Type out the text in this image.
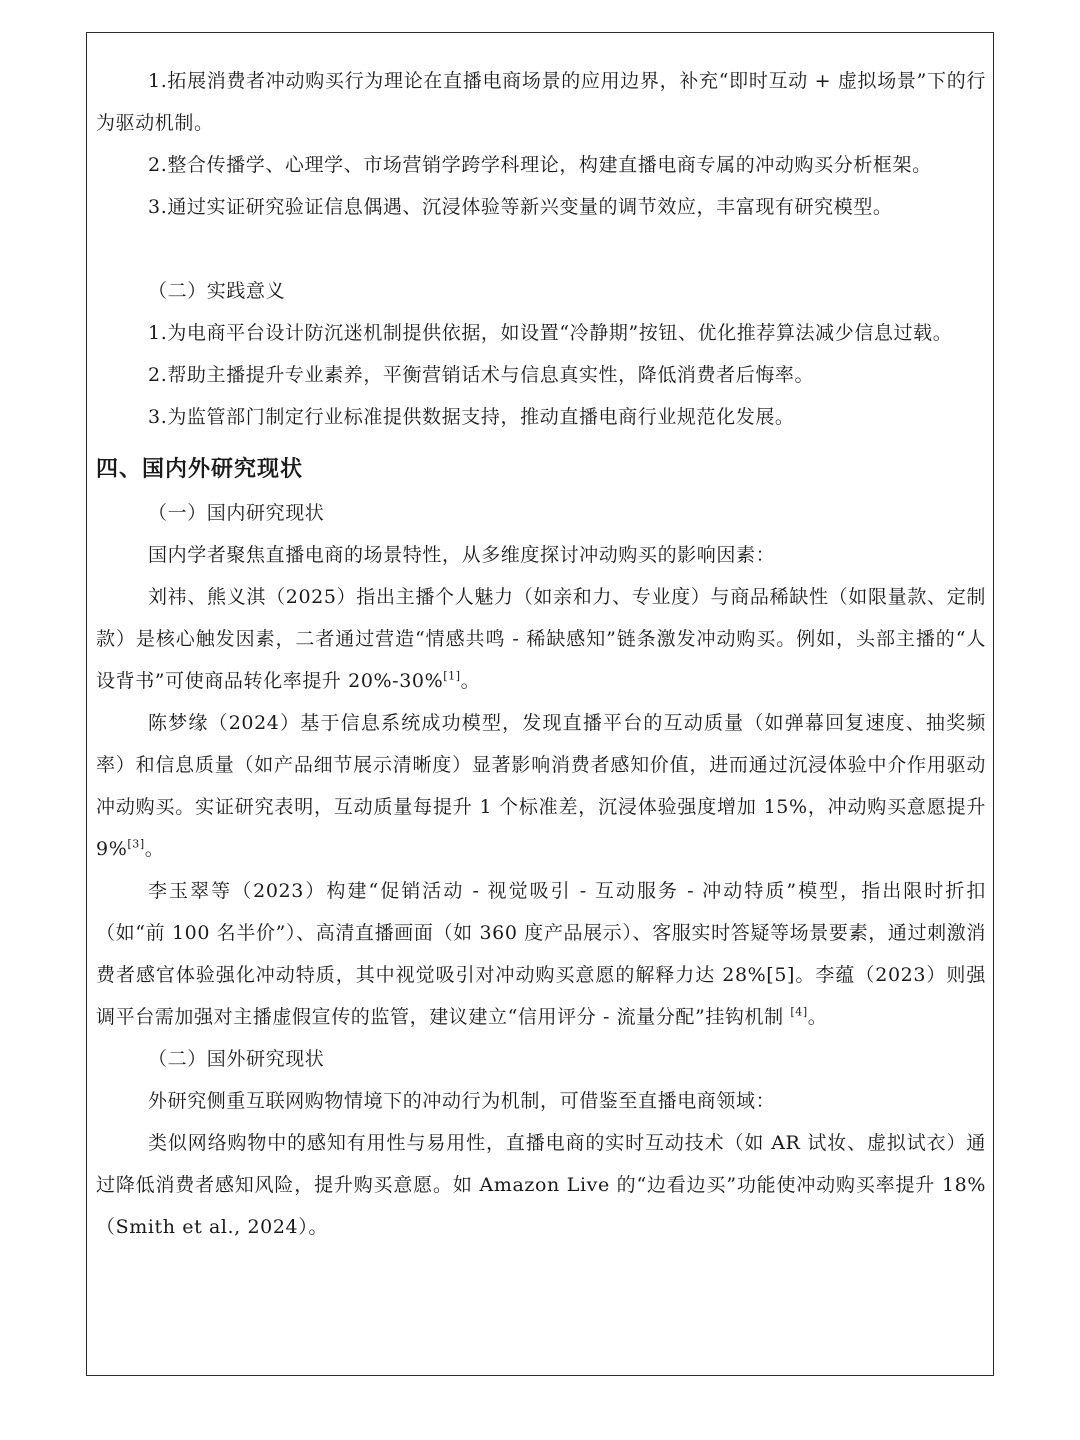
1.拓展消费者冲动购买行为理论在直播电商场景的应用边界，补充“即时互动 + 虚拟场景”下的行为驱动机制。

2.整合传播学、心理学、市场营销学跨学科理论，构建直播电商专属的冲动购买分析框架。

3.通过实证研究验证信息偶遇、沉浸体验等新兴变量的调节效应，丰富现有研究模型。

（二）实践意义

1.为电商平台设计防沉迷机制提供依据，如设置“冷静期”按钮、优化推荐算法减少信息过载。

2.帮助主播提升专业素养，平衡营销话术与信息真实性，降低消费者后悔率。

3.为监管部门制定行业标准提供数据支持，推动直播电商行业规范化发展。

四、国内外研究现状

（一）国内研究现状

国内学者聚焦直播电商的场景特性，从多维度探讨冲动购买的影响因素：

刘祎、熊义淇（2025）指出主播个人魅力（如亲和力、专业度）与商品稀缺性（如限量款、定制款）是核心触发因素，二者通过营造“情感共鸣 - 稀缺感知”链条激发冲动购买。例如，头部主播的“人设背书”可使商品转化率提升 20%-30%[1]。

陈梦缘（2024）基于信息系统成功模型，发现直播平台的互动质量（如弹幕回复速度、抽奖频率）和信息质量（如产品细节展示清晰度）显著影响消费者感知价值，进而通过沉浸体验中介作用驱动冲动购买。实证研究表明，互动质量每提升 1 个标准差，沉浸体验强度增加 15%，冲动购买意愿提升 9%[3]。

李玉翠等（2023）构建“促销活动 - 视觉吸引 - 互动服务 - 冲动特质”模型，指出限时折扣（如“前 100 名半价”）、高清直播画面（如 360 度产品展示）、客服实时答疑等场景要素，通过刺激消费者感官体验强化冲动特质，其中视觉吸引对冲动购买意愿的解释力达 28%[5]。李蕴（2023）则强调平台需加强对主播虚假宣传的监管，建议建立“信用评分 - 流量分配”挂钩机制 [4]。

（二）国外研究现状

外研究侧重互联网购物情境下的冲动行为机制，可借鉴至直播电商领域：

类似网络购物中的感知有用性与易用性，直播电商的实时互动技术（如 AR 试妆、虚拟试衣）通过降低消费者感知风险，提升购买意愿。如 Amazon Live 的“边看边买”功能使冲动购买率提升 18%（Smith et al., 2024）。
